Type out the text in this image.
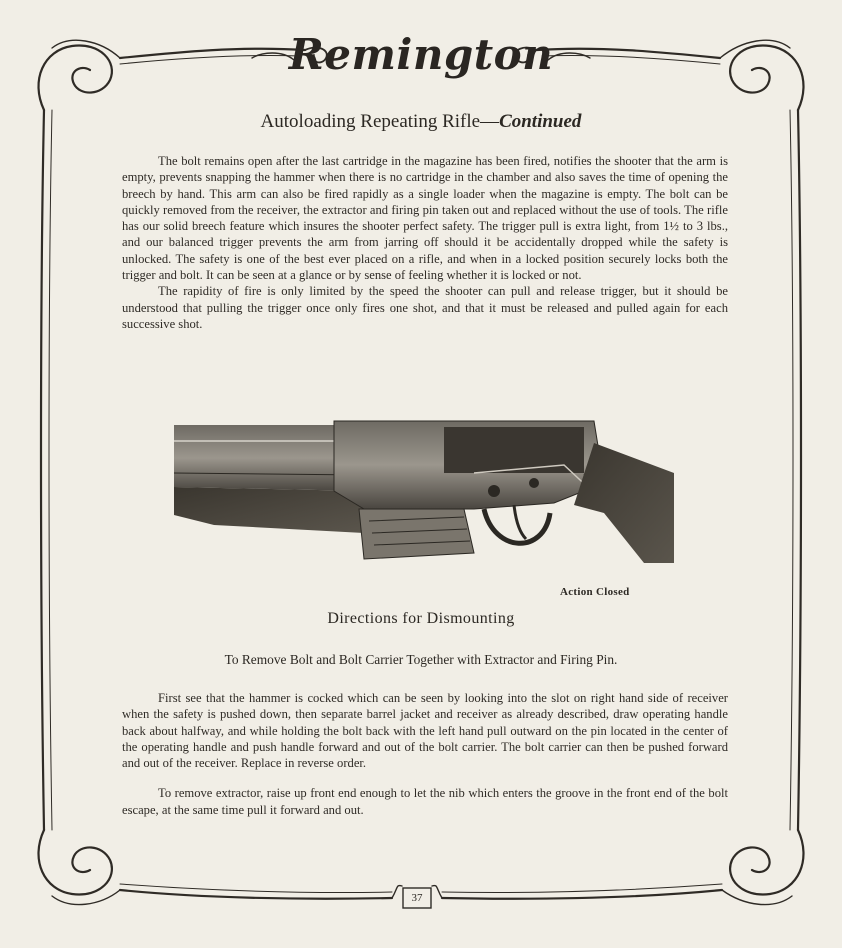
Remington
Autoloading Repeating Rifle—Continued

The bolt remains open after the last cartridge in the magazine has been fired, notifies the shooter that the arm is empty, prevents snapping the hammer when there is no cartridge in the chamber and also saves the time of opening the breech by hand. This arm can also be fired rapidly as a single loader when the magazine is empty. The bolt can be quickly removed from the receiver, the extractor and firing pin taken out and replaced without the use of tools. The rifle has our solid breech feature which insures the shooter perfect safety. The trigger pull is extra light, from 1½ to 3 lbs., and our balanced trigger prevents the arm from jarring off should it be accidentally dropped while the safety is unlocked. The safety is one of the best ever placed on a rifle, and when in a locked position securely locks both the trigger and bolt. It can be seen at a glance or by sense of feeling whether it is locked or not.

The rapidity of fire is only limited by the speed the shooter can pull and release trigger, but it should be understood that pulling the trigger once only fires one shot, and that it must be released and pulled again for each successive shot.

Action Closed
Directions for Dismounting
To Remove Bolt and Bolt Carrier Together with Extractor and Firing Pin.

First see that the hammer is cocked which can be seen by looking into the slot on right hand side of receiver when the safety is pushed down, then separate barrel jacket and receiver as already described, draw operating handle back about halfway, and while holding the bolt back with the left hand pull outward on the pin located in the center of the operating handle and push handle forward and out of the bolt carrier. The bolt carrier can then be pushed forward and out of the receiver. Replace in reverse order.

To remove extractor, raise up front end enough to let the nib which enters the groove in the front end of the bolt escape, at the same time pull it forward and out.

37
